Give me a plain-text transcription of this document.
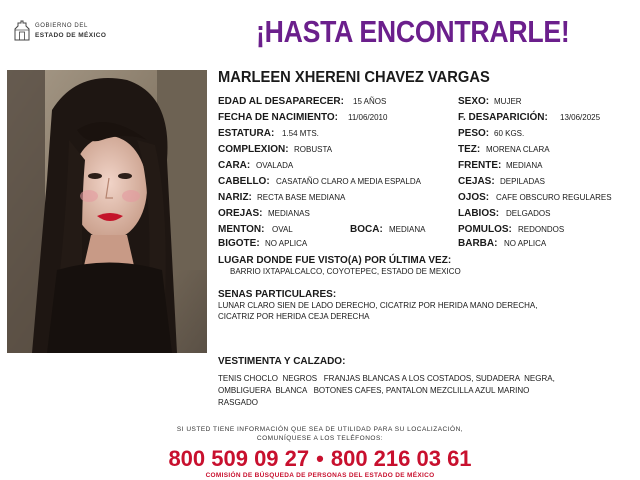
GOBIERNO DEL
ESTADO DE MÉXICO	¡HASTA ENCONTRARLE!
MARLEEN XHERENI CHAVEZ VARGAS
EDAD AL DESAPARECER: 15 AÑOS
FECHA DE NACIMIENTO: 11/06/2010
ESTATURA: 1.54 MTS.
COMPLEXION: ROBUSTA
CARA: OVALADA
CABELLO: CASATAÑO CLARO A MEDIA ESPALDA
NARIZ: RECTA BASE MEDIANA
OREJAS: MEDIANAS
MENTON: OVAL	BOCA: MEDIANA
BIGOTE: NO APLICA
SEXO: MUJER
F. DESAPARICIÓN: 13/06/2025
PESO: 60 KGS.
TEZ: MORENA CLARA
FRENTE: MEDIANA
CEJAS: DEPILADAS
OJOS: CAFE OBSCURO REGULARES
LABIOS: DELGADOS
POMULOS: REDONDOS
BARBA: NO APLICA
LUGAR DONDE FUE VISTO(A) POR ÚLTIMA VEZ:
BARRIO IXTAPALCALCO, COYOTEPEC, ESTADO DE MEXICO
SENAS PARTICULARES:
LUNAR CLARO SIEN DE LADO DERECHO, CICATRIZ POR HERIDA MANO DERECHA,
CICATRIZ POR HERIDA CEJA DERECHA
VESTIMENTA Y CALZADO:
TENIS CHOCLO  NEGROS   FRANJAS BLANCAS A LOS COSTADOS, SUDADERA  NEGRA,
OMBLIGUERA  BLANCA   BOTONES CAFES, PANTALON MEZCLILLA AZUL MARINO
RASGADO
SI USTED TIENE INFORMACIÓN QUE SEA DE UTILIDAD PARA SU LOCALIZACIÓN,
COMUNÍQUESE A LOS TELÉFONOS:
800 509 09 27 • 800 216 03 61
COMISIÓN DE BÚSQUEDA DE PERSONAS DEL ESTADO DE MÉXICO
